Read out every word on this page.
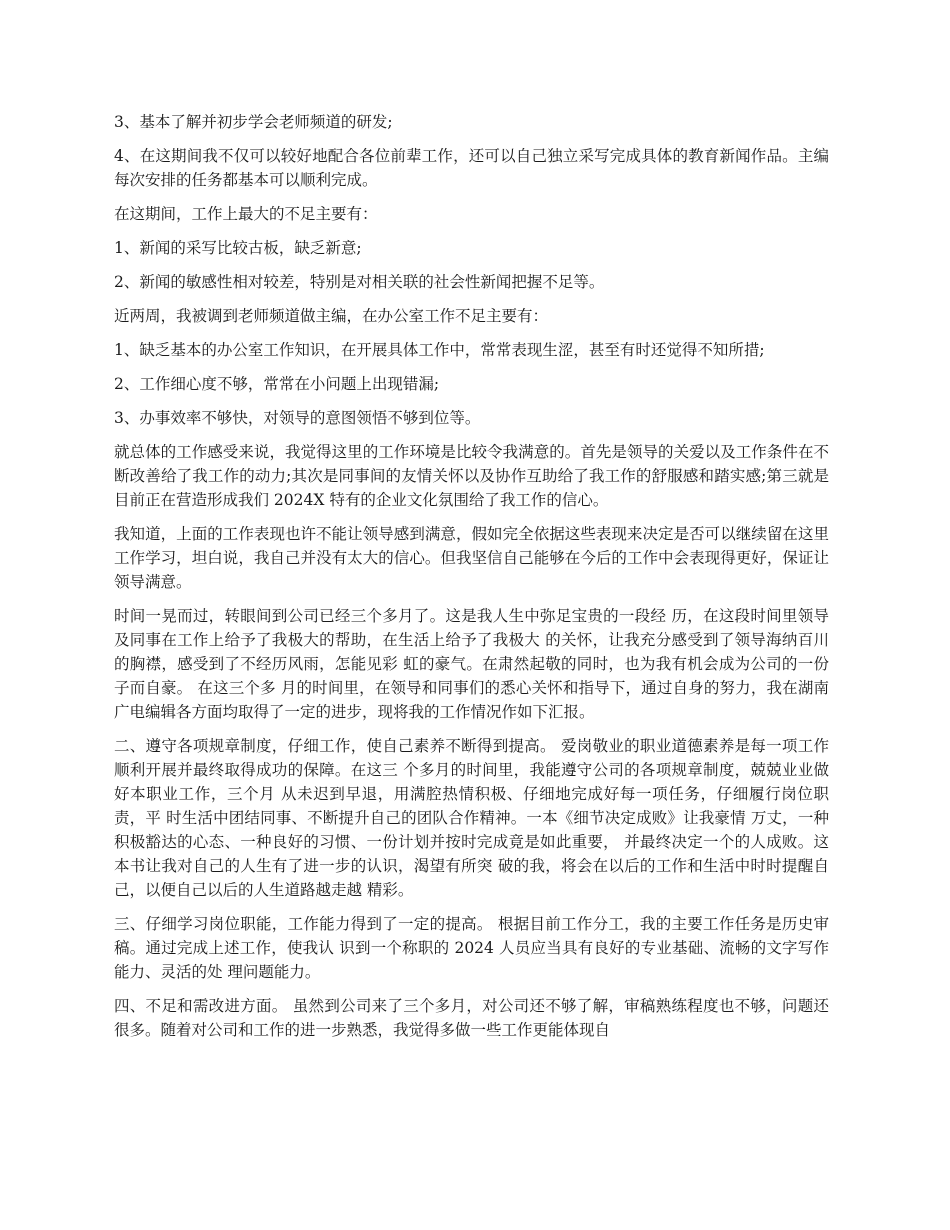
3、基本了解并初步学会老师频道的研发;

4、在这期间我不仅可以较好地配合各位前辈工作，还可以自己独立采写完成具体的教育新闻作品。主编每次安排的任务都基本可以顺利完成。

在这期间，工作上最大的不足主要有：

1、新闻的采写比较古板，缺乏新意;

2、新闻的敏感性相对较差，特别是对相关联的社会性新闻把握不足等。

近两周，我被调到老师频道做主编，在办公室工作不足主要有：

1、缺乏基本的办公室工作知识，在开展具体工作中，常常表现生涩，甚至有时还觉得不知所措;

2、工作细心度不够，常常在小问题上出现错漏;

3、办事效率不够快，对领导的意图领悟不够到位等。

就总体的工作感受来说，我觉得这里的工作环境是比较令我满意的。首先是领导的关爱以及工作条件在不断改善给了我工作的动力;其次是同事间的友情关怀以及协作互助给了我工作的舒服感和踏实感;第三就是目前正在营造形成我们 2024X 特有的企业文化氛围给了我工作的信心。

我知道，上面的工作表现也许不能让领导感到满意，假如完全依据这些表现来决定是否可以继续留在这里工作学习，坦白说，我自己并没有太大的信心。但我坚信自己能够在今后的工作中会表现得更好，保证让领导满意。

时间一晃而过，转眼间到公司已经三个多月了。这是我人生中弥足宝贵的一段经 历，在这段时间里领导及同事在工作上给予了我极大的帮助，在生活上给予了我极大 的关怀，让我充分感受到了领导海纳百川的胸襟，感受到了不经历风雨，怎能见彩 虹的豪气。在肃然起敬的同时，也为我有机会成为公司的一份子而自豪。 在这三个多 月的时间里，在领导和同事们的悉心关怀和指导下，通过自身的努力，我在湖南广电编辑各方面均取得了一定的进步，现将我的工作情况作如下汇报。

二、遵守各项规章制度，仔细工作，使自己素养不断得到提高。 爱岗敬业的职业道德素养是每一项工作顺利开展并最终取得成功的保障。在这三 个多月的时间里，我能遵守公司的各项规章制度，兢兢业业做好本职业工作，三个月 从未迟到早退，用满腔热情积极、仔细地完成好每一项任务，仔细履行岗位职责，平 时生活中团结同事、不断提升自己的团队合作精神。一本《细节决定成败》让我豪情 万丈，一种积极豁达的心态、一种良好的习惯、一份计划并按时完成竟是如此重要， 并最终决定一个的人成败。这本书让我对自己的人生有了进一步的认识，渴望有所突 破的我，将会在以后的工作和生活中时时提醒自己，以便自己以后的人生道路越走越 精彩。

三、仔细学习岗位职能，工作能力得到了一定的提高。 根据目前工作分工，我的主要工作任务是历史审稿。通过完成上述工作，使我认 识到一个称职的 2024 人员应当具有良好的专业基础、流畅的文字写作能力、灵活的处 理问题能力。

四、不足和需改进方面。 虽然到公司来了三个多月，对公司还不够了解，审稿熟练程度也不够，问题还很多。随着对公司和工作的进一步熟悉，我觉得多做一些工作更能体现自
